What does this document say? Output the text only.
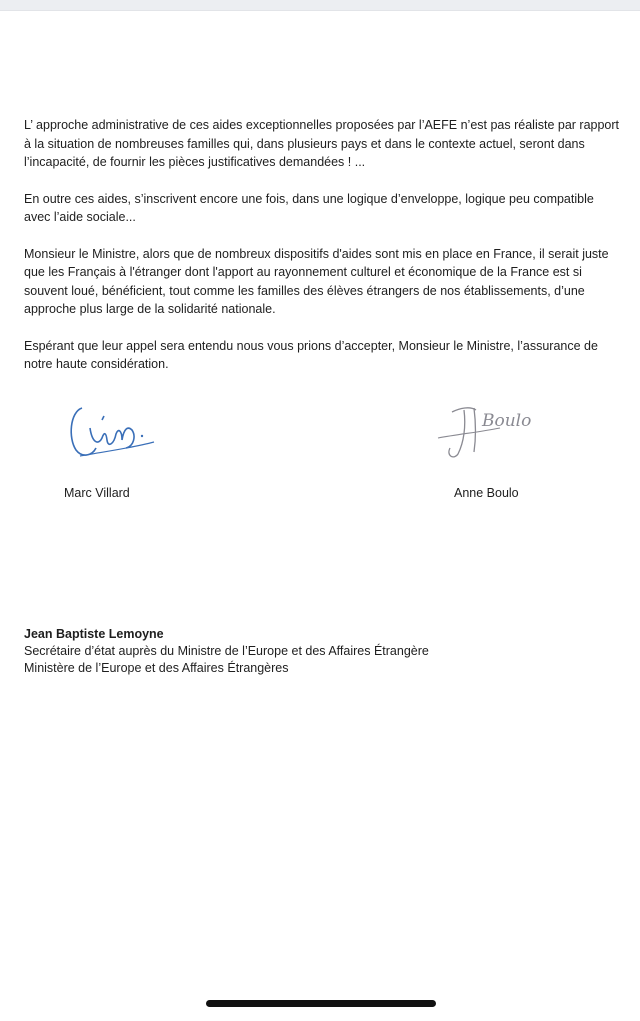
L’ approche administrative de ces aides exceptionnelles proposées par l’AEFE n’est pas réaliste par rapport à la situation de nombreuses familles qui, dans plusieurs pays et dans le contexte actuel, seront dans l’incapacité, de fournir les pièces justificatives demandées ! ...

En outre ces aides, s’inscrivent encore une fois, dans une logique d’enveloppe, logique peu compatible avec l’aide sociale...

Monsieur le Ministre, alors que de nombreux dispositifs d'aides sont mis en place en France, il serait juste que les Français à l'étranger dont l'apport au rayonnement culturel et économique de la France est si souvent loué, bénéficient, tout comme les familles des élèves étrangers de nos établissements, d’une approche plus large de la solidarité nationale.

Espérant que leur appel sera entendu nous vous prions d’accepter, Monsieur le Ministre, l’assurance de notre haute considération.

Boulo
Marc Villard	Anne Boulo
Jean Baptiste Lemoyne
Secrétaire d’état auprès du Ministre de l’Europe et des Affaires Étrangère
Ministère de l’Europe et des Affaires Étrangères
